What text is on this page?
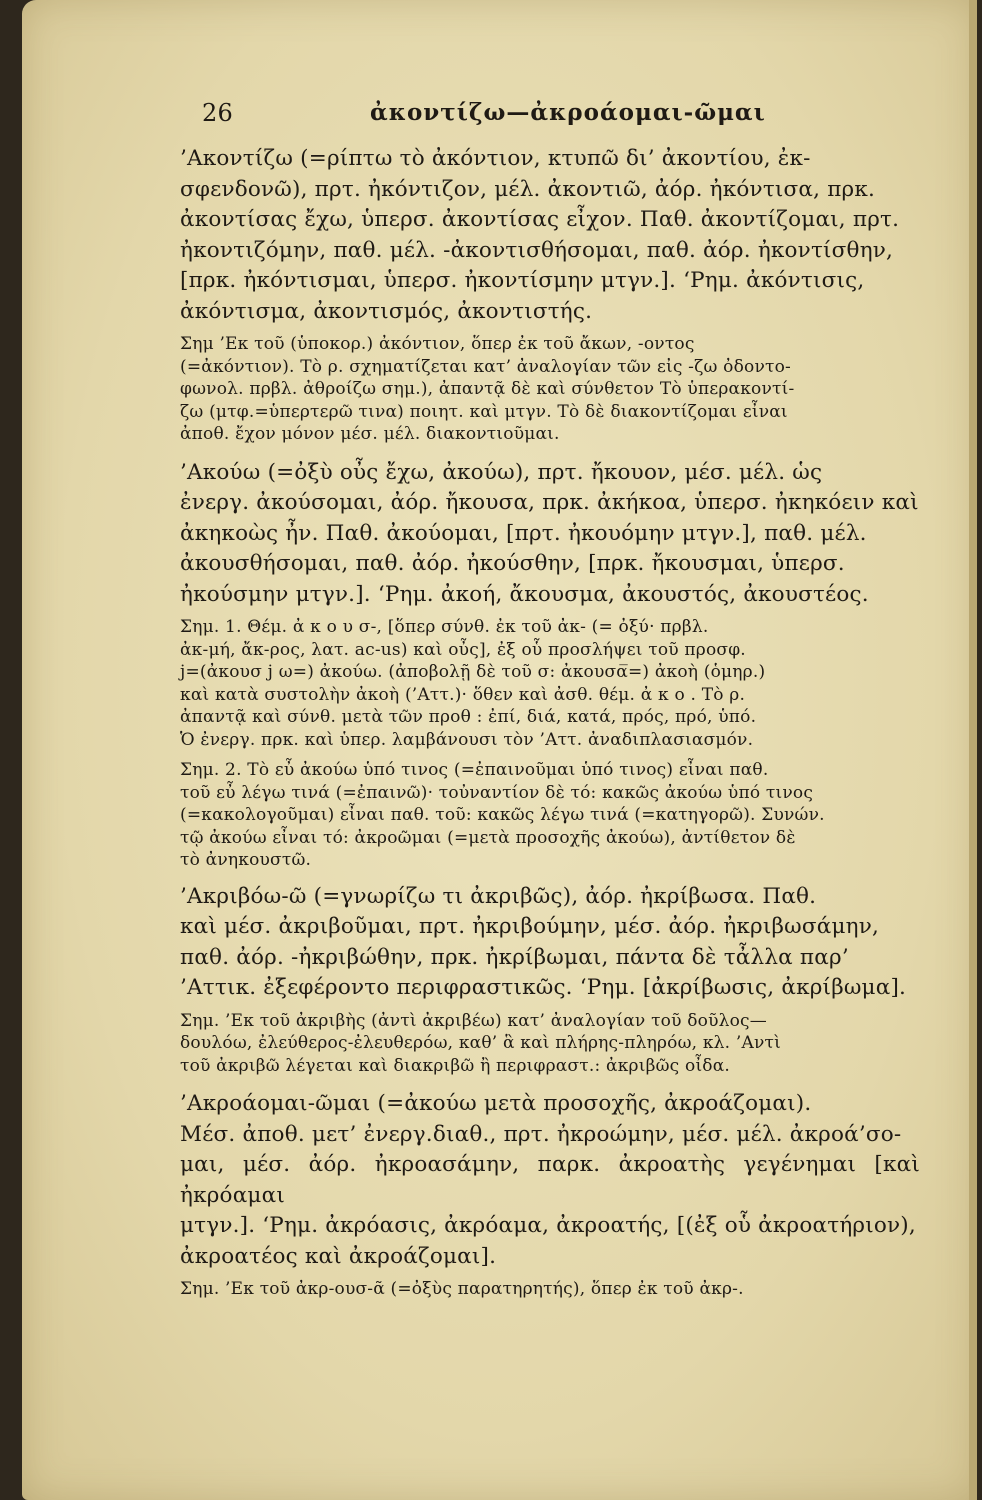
26	ἀκοντίζω—ἀκροάομαι-ῶμαι

’Ακοντίζω (=ρίπτω τὸ ἀκόντιον, κτυπῶ δι’ ἀκοντίου, ἐκ-

σφενδονῶ), πρτ. ἠκόντιζον, μέλ. ἀκοντιῶ, ἀόρ. ἠκόντισα, πρκ.

ἀκοντίσας ἔχω, ὑπερσ. ἀκοντίσας εἶχον. Παθ. ἀκοντίζομαι, πρτ.

ἠκοντιζόμην, παθ. μέλ. -ἀκοντισθήσομαι, παθ. ἀόρ. ἠκοντίσθην,

[πρκ. ἠκόντισμαι, ὑπερσ. ἠκοντίσμην μτγν.]. ‘Ρημ. ἀκόντισις,

ἀκόντισμα, ἀκοντισμός, ἀκοντιστής.

Σημ ’Εκ τοῦ (ὑποκορ.) ἀκόντιον, ὅπερ ἐκ τοῦ ἄκων, -οντος

(=ἀκόντιον). Τὸ ρ. σχηματίζεται κατ’ ἀναλογίαν τῶν εἰς -ζω ὀδοντο-

φωνολ. πρβλ. ἀθροίζω σημ.), ἀπαντᾷ δὲ καὶ σύνθετον Τὸ ὑπερακοντί-

ζω (μτφ.=ὑπερτερῶ τινα) ποιητ. καὶ μτγν. Τὸ δὲ διακοντίζομαι εἶναι

ἀποθ. ἔχον μόνον μέσ. μέλ. διακοντιοῦμαι.

’Ακούω (=ὀξὺ οὖς ἔχω, ἀκούω), πρτ. ἤκουον, μέσ. μέλ. ὡς

ἐνεργ. ἀκούσομαι, ἀόρ. ἤκουσα, πρκ. ἀκήκοα, ὑπερσ. ἠκηκόειν καὶ

ἀκηκοὼς ἦν. Παθ. ἀκούομαι, [πρτ. ἠκουόμην μτγν.], παθ. μέλ.

ἀκουσθήσομαι, παθ. ἀόρ. ἠκούσθην, [πρκ. ἤκουσμαι, ὑπερσ.

ἠκούσμην μτγν.]. ‘Ρημ. ἀκοή, ἄκουσμα, ἀκουστός, ἀκουστέος.

Σημ. 1. Θέμ. ἀ κ ο υ σ-, [ὅπερ σύνθ. ἐκ τοῦ ἀκ- (= ὀξύ· πρβλ.

ἀκ-μή, ἄκ-ρος, λατ. ac-us) καὶ οὖς], ἐξ οὗ προσλήψει τοῦ προσφ.

j=(ἀκουσ j ω=) ἀκούω. (ἀποβολῇ δὲ τοῦ σ: ἀκουσα̅=) ἀκοὴ (ὁμηρ.)

καὶ κατὰ συστολὴν ἀκοὴ (’Αττ.)· ὅθεν καὶ ἀσθ. θέμ. ἀ κ ο . Τὸ ρ.

ἀπαντᾷ καὶ σύνθ. μετὰ τῶν προθ : ἐπί, διά, κατά, πρός, πρό, ὑπό.

Ὁ ἐνεργ. πρκ. καὶ ὑπερ. λαμβάνουσι τὸν ’Αττ. ἀναδιπλασιασμόν.

Σημ. 2. Τὸ εὖ ἀκούω ὑπό τινος (=ἐπαινοῦμαι ὑπό τινος) εἶναι παθ.

τοῦ εὖ λέγω τινά (=ἐπαινῶ)· τοὐναντίον δὲ τό: κακῶς ἀκούω ὑπό τινος

(=κακολογοῦμαι) εἶναι παθ. τοῦ: κακῶς λέγω τινά (=κατηγορῶ). Συνών.

τῷ ἀκούω εἶναι τό: ἀκροῶμαι (=μετὰ προσοχῆς ἀκούω), ἀντίθετον δὲ

τὸ ἀνηκουστῶ.

’Ακριβόω-ῶ (=γνωρίζω τι ἀκριβῶς), ἀόρ. ἠκρίβωσα. Παθ.

καὶ μέσ. ἀκριβοῦμαι, πρτ. ἠκριβούμην, μέσ. ἀόρ. ἠκριβωσάμην,

παθ. ἀόρ. -ἠκριβώθην, πρκ. ἠκρίβωμαι, πάντα δὲ τἆλλα παρ’

’Αττικ. ἐξεφέροντο περιφραστικῶς. ‘Ρημ. [ἀκρίβωσις, ἀκρίβωμα].

Σημ. ’Εκ τοῦ ἀκριβὴς (ἀντὶ ἀκριβέω) κατ’ ἀναλογίαν τοῦ δοῦλος—

δουλόω, ἐλεύθερος-ἐλευθερόω, καθ’ ἃ καὶ πλήρης-πληρόω, κλ. ’Αντὶ

τοῦ ἀκριβῶ λέγεται καὶ διακριβῶ ἢ περιφραστ.: ἀκριβῶς οἶδα.

’Ακροάομαι-ῶμαι (=ἀκούω μετὰ προσοχῆς, ἀκροάζομαι).

Μέσ. ἀποθ. μετ’ ἐνεργ.διαθ., πρτ. ἠκροώμην, μέσ. μέλ. ἀκροά’σο-

μαι, μέσ. ἀόρ. ἠκροασάμην, παρκ. ἀκροατὴς γεγένημαι [καὶ ἠκρόαμαι

μτγν.]. ‘Ρημ. ἀκρόασις, ἀκρόαμα, ἀκροατής, [(ἐξ οὗ ἀκροατήριον),

ἀκροατέος καὶ ἀκροάζομαι].

Σημ. ’Εκ τοῦ ἀκρ-ουσ-ᾶ (=ὀξὺς παρατηρητής), ὅπερ ἐκ τοῦ ἀκρ-.
